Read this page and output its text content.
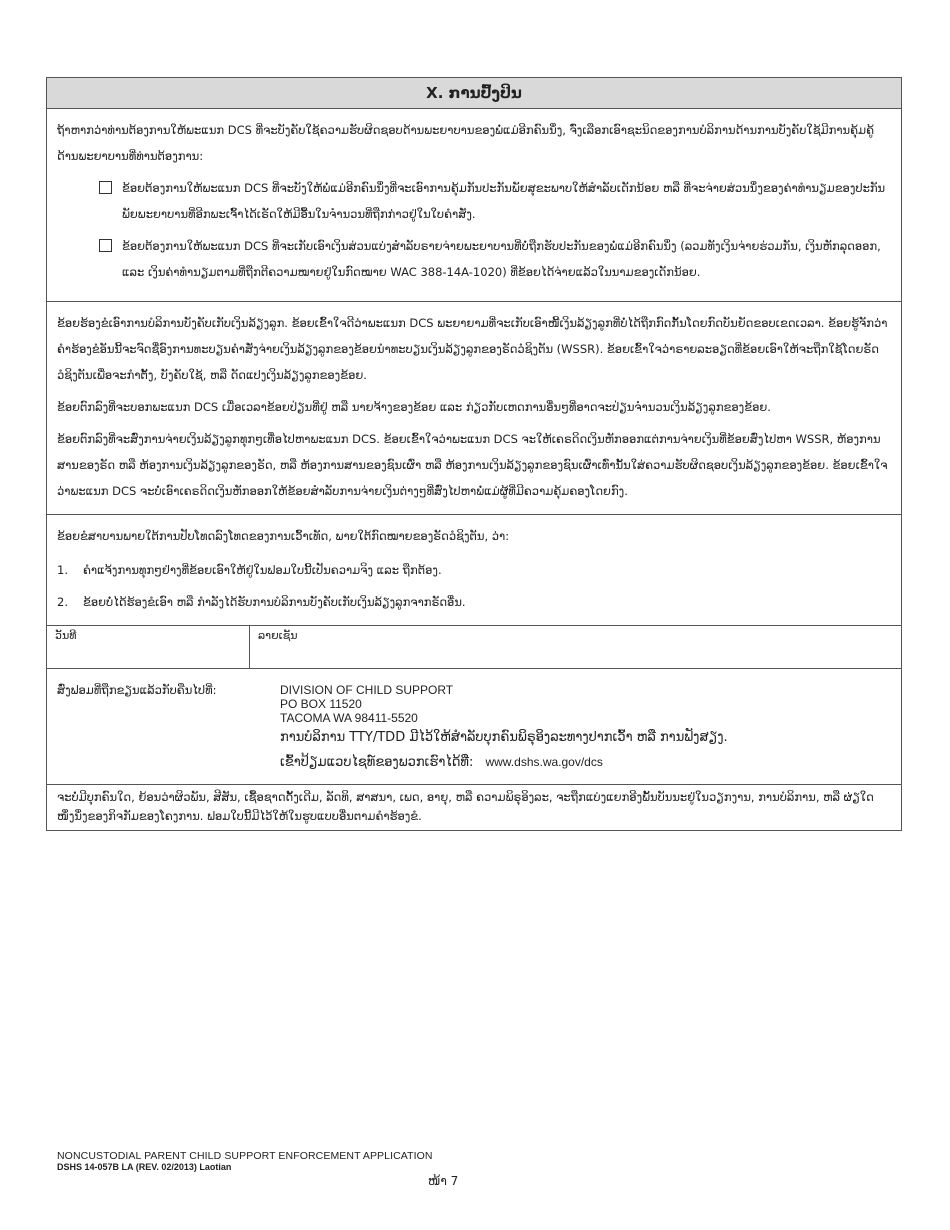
X. ການປົ້ງປິນ

ຖ້າຫາກວ່າທ່ານຕ້ອງການໃຫ້ພະແນກ DCS ທີ່ຈະບັງຄັບໃຊ້ຄວາມຮັບຜິດຊອບດ້ານພະຍາບານຂອງພໍ່ແມ່ອີກຄົນນຶ່ງ, ຈົ່ງເລືອກເອົາຊະນິດຂອງການບໍລິການດ້ານການບັງຄັບໃຊ້ມີການຄຸ້ມຄູ້ດ້ານພະຍາບານທີ່ທ່ານຕ້ອງການ:

ຂ້ອຍຕ້ອງການໃຫ້ພະແນກ DCS ທີ່ຈະບັງໃຫ້ພໍ່ແມ່ອີກຄົນນຶ່ງທີ່ຈະເອົາການຄຸ້ມກັນປະກັນພັຍສຸຂະພາບໃຫ້ສຳລັບເດັກນ້ອຍ ຫລື ທີ່ຈະຈ່າຍສ່ວນນຶ່ງຂອງຄ່າທຳນຽມຂອງປະກັນພັຍພະຍາບານທີ່ອີກພະເຈົ້າໄດ້ເຣັດໃຫ້ມີອື້ນໃນຈຳນວນທີ່ຖືກກ່າວຢູ່ໃນໃບຄຳສັ່ງ.
ຂ້ອຍຕ້ອງການໃຫ້ພະແນກ DCS ທີ່ຈະເກັບເອົາເງິນສ່ວນແບ່ງສຳລັບຣາຍຈ່າຍພະຍາບານທີ່ບໍ່ຖືກຮັບປະກັນຂອງພໍ່ແມ່ອີກຄົນນຶ່ງ (ລວມທັງເງິນຈ່າຍຮ່ວມກັນ, ເງິນຫັກລຸດອອກ, ແລະ ເງິນຄ່າທຳນຽມຕາມທີ່ຖືກຕີຄວາມໝາຍຢູ່ໃນກົດໝາຍ WAC 388-14A-1020) ທີ່ຂ້ອຍໄດ້ຈ່າຍແລ້ວໃນນາມຂອງເດັກນ້ອຍ.

ຂ້ອຍຮ້ອງຂໍເອົາການບໍລິການບັງຄັບເກັບເງິນລ້ຽງລູກ. ຂ້ອຍເຂົ້າໃຈດີວ່າພະແນກ DCS ພະຍາຍາມທີ່ຈະເກັບເອົາໜີ້ເງິນລ້ຽງລູກທີ່ບໍ່ໄດ້ຖືກກົດກັ້ນໂດຍກົດບັນຍັດຂອບເຂດເວລາ. ຂ້ອຍຮູ້ຈັກວ່າຄຳຮ້ອງຂໍອັນນີ້ຈະຈົດຊື່ອົງການທະບຽນຄຳສັ່ງຈ່າຍເງິນລ້ຽງລູກຂອງຂ້ອຍນຳທະບຽນເງິນລ້ຽງລູກຂອງຣັດວໍຊິງຕັນ (WSSR). ຂ້ອຍເຂົ້າໃຈວ່າຣາຍລະອຽດທີ່ຂ້ອຍເອົາໃຫ້ຈະຖືກໃຊ້ໂດຍຣັດວໍຊິງຕັນເພື່ອຈະກຳຕັ້ງ, ບັງຄັບໃຊ້, ຫລື ດັດແປງເງິນລ້ຽງລູກຂອງຂ້ອຍ.

ຂ້ອຍຕົກລົງທີ່ຈະບອກພະແນກ DCS ເມື່ອເວລາຂ້ອຍປ່ຽນທີ່ຢູ່ ຫລື ນາຍຈ້າງຂອງຂ້ອຍ ແລະ ກ່ຽວກັບເຫດການອື່ນໆທີ່ອາດຈະປ່ຽນຈຳນວນເງິນລ້ຽງລູກຂອງຂ້ອຍ.

ຂ້ອຍຕົກລົງທີ່ຈະສົ່ງການຈ່າຍເງິນລ້ຽງລູກທຸກໆເທື່ອໄປຫາພະແນກ DCS. ຂ້ອຍເຂົ້າໃຈວ່າພະແນກ DCS ຈະໃຫ້ເຄຣດິດເງິນຫັກອອກແຕ່ການຈ່າຍເງິນທີ່ຂ້ອຍສົ່ງໄປຫາ WSSR, ຫ້ອງການສານຂອງຣັດ ຫລື ຫ້ອງການເງິນລ້ຽງລູກຂອງຣັດ, ຫລື ຫ້ອງການສານຂອງຊົນເຜົ່າ ຫລື ຫ້ອງການເງິນລ້ຽງລູກຂອງຊົນເຜົ່າເທົ່ານັ້ນໃສ່ຄວາມຮັບຜິດຊອບເງິນລ້ຽງລູກຂອງຂ້ອຍ. ຂ້ອຍເຂົ້າໃຈວ່າພະແນກ DCS ຈະບໍ່ເອົາເຄຣດິດເງິນຫັກອອກໃຫ້ຂ້ອຍສຳລັບການຈ່າຍເງິນຕ່າງໆທີ່ສົ່ງໄປຫາພໍ່ແມ່ຜູ້ທີ່ມີຄວາມຄຸ້ມຄອງໂດຍກົງ.

ຂ້ອຍຂໍສາບານພາຍໃຕ້ການປັບໂທດລົງໂທດຂອງການເວົ້າເທັດ, ພາຍໃຕ້ກົດໝາຍຂອງຣັດວໍຊິງຕັນ, ວ່າ:

1.	ຄຳແຈ້ງການທຸກໆຢ່າງທີ່ຂ້ອຍເອົາໃຫ້ຢູ່ໃນຟອມໃບນີ້ເປັນຄວາມຈິງ ແລະ ຖືກຕ້ອງ.
2.	ຂ້ອຍບໍ່ໄດ້ຮ້ອງຂໍເອົາ ຫລື ກຳລັງໄດ້ຮັບການບໍລິການບັງຄັບເກັບເງິນລ້ຽງລູກຈາກຣັດອື່ນ.
ວັນທີ	ລາຍເຊັນ
ສົ່ງຟອມທີ່ຖືກຂຽນແລ້ວກັບຄືນໄປທີ່:	DIVISION OF CHILD SUPPORT
PO BOX 11520
TACOMA WA 98411-5520
ການບໍລິການ TTY/TDD ມີໄວ້ໃຫ້ສຳລັບບຸກຄົນພິຣຸອິງລະທາງປາກເວົ້າ ຫລື ການຟັງສຽງ.
ເຂົ້າປ້ຽມແວບໄຊທ໌ຂອງພວກເຮົາໄດ້ທີ່: www.dshs.wa.gov/dcs
ຈະບໍ່ມີບຸກຄົນໃດ, ຍ້ອນວ່າຜິວພັນ, ສີສັນ, ເຊື້ອຊາດດັ້ງເດີມ, ລັດທິ, ສາສນາ, ເພດ, ອາຍຸ, ຫລື ຄວາມພິຣຸອິງລະ, ຈະຖືກແບ່ງແຍກອີງພັ້ນບັນນະຢູ່ໃນວຽກງານ, ການບໍລິການ, ຫລື ຜ່ຽໃດໜຶ່ງນຶ່ງຂອງກິຈກັມຂອງໂຄງການ. ຟອມໃບນີ້ມີໄວ້ໃຫ້ໃນຮູບແບບອື່ນຕາມຄຳຮ້ອງຂໍ.
NONCUSTODIAL PARENT CHILD SUPPORT ENFORCEMENT APPLICATION
DSHS 14-057B LA (REV. 02/2013) Laotian
ໜ້າ 7
